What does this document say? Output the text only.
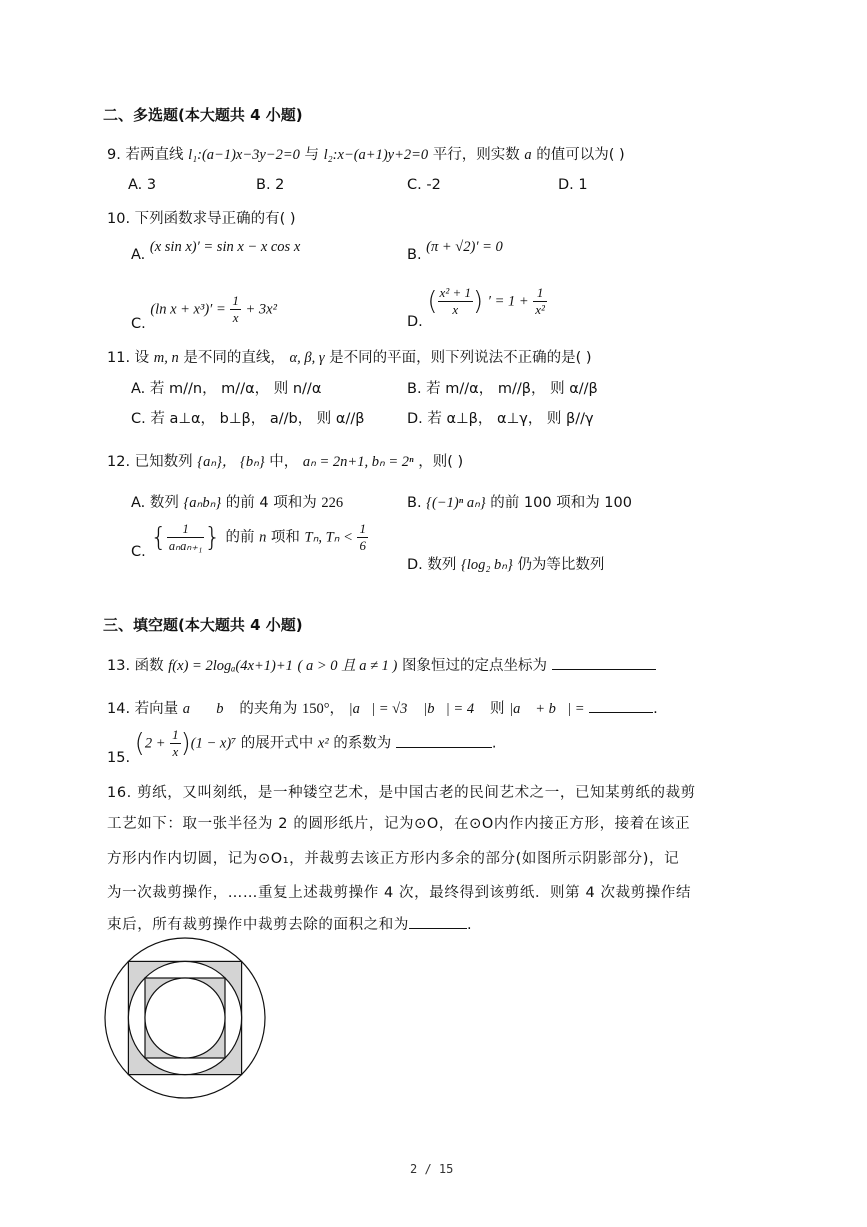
二、多选题(本大题共 4 小题)
9. 若两直线 l₁:(a−1)x−3y−2=0 与 l₂:x−(a+1)y+2=0 平行，则实数 a 的值可以为( )
A. 3	B. 2	C. -2	D. 1
10. 下列函数求导正确的有( )
A. (x sin x)′ = sin x − x cos x	B. (π + √2)′ = 0
C. (ln $x + x^3)' = \frac{1}{x} + 3x^2$
D. ( $\frac{\text{x² + 1}}{x}$ ) ′ = $1 + \frac{1}{\text{x²}}$
11. 设 m, n 是不同的直线， α, β, γ 是不同的平面，则下列说法不正确的是( )
A. 若 m//n， m//α， 则 n//α	B. 若 m//α， m//β， 则 α//β
C. 若 a⊥α， b⊥β， a//b， 则 α//β	D. 若 α⊥β， α⊥γ， 则 β//γ
12. 已知数列 {aₙ}， {bₙ} 中， aₙ = 2n+1, bₙ = 2ⁿ ，则( )
A. 数列 {aₙbₙ} 的前 4 项和为 226	B. {(−1)ⁿ aₙ} 的前 100 项和为 100
C. { $\frac{1}{\text{aₙaₙ₊₁}}$ } 的前 n 项和 Tₙ, $T_n < \frac{1}{6}$
D. 数列 {log₂ bₙ} 仍为等比数列
三、填空题(本大题共 4 小题)
13. 函数 f(x) = 2logₐ(4x+1)+1 ( a > 0 且 a ≠ 1 ) 图象恒过的定点坐标为
14. 若向量 a⃗， b⃗ 的夹角为 150°， |a⃗| = √3， |b⃗| = 4， 则 |a⃗ + b⃗| =	.
15. $(2 + \frac{1}{x} )(1 - x)^7$ 的展开式中 x² 的系数为	.
16. 剪纸，又叫刻纸，是一种镂空艺术，是中国古老的民间艺术之一，已知某剪纸的裁剪
工艺如下：取一张半径为 2 的圆形纸片，记为⊙O，在⊙O内作内接正方形，接着在该正
方形内作内切圆，记为⊙O₁，并裁剪去该正方形内多余的部分(如图所示阴影部分)，记
为一次裁剪操作，……重复上述裁剪操作 4 次，最终得到该剪纸．则第 4 次裁剪操作结
束后，所有裁剪操作中裁剪去除的面积之和为	.
2 / 15
